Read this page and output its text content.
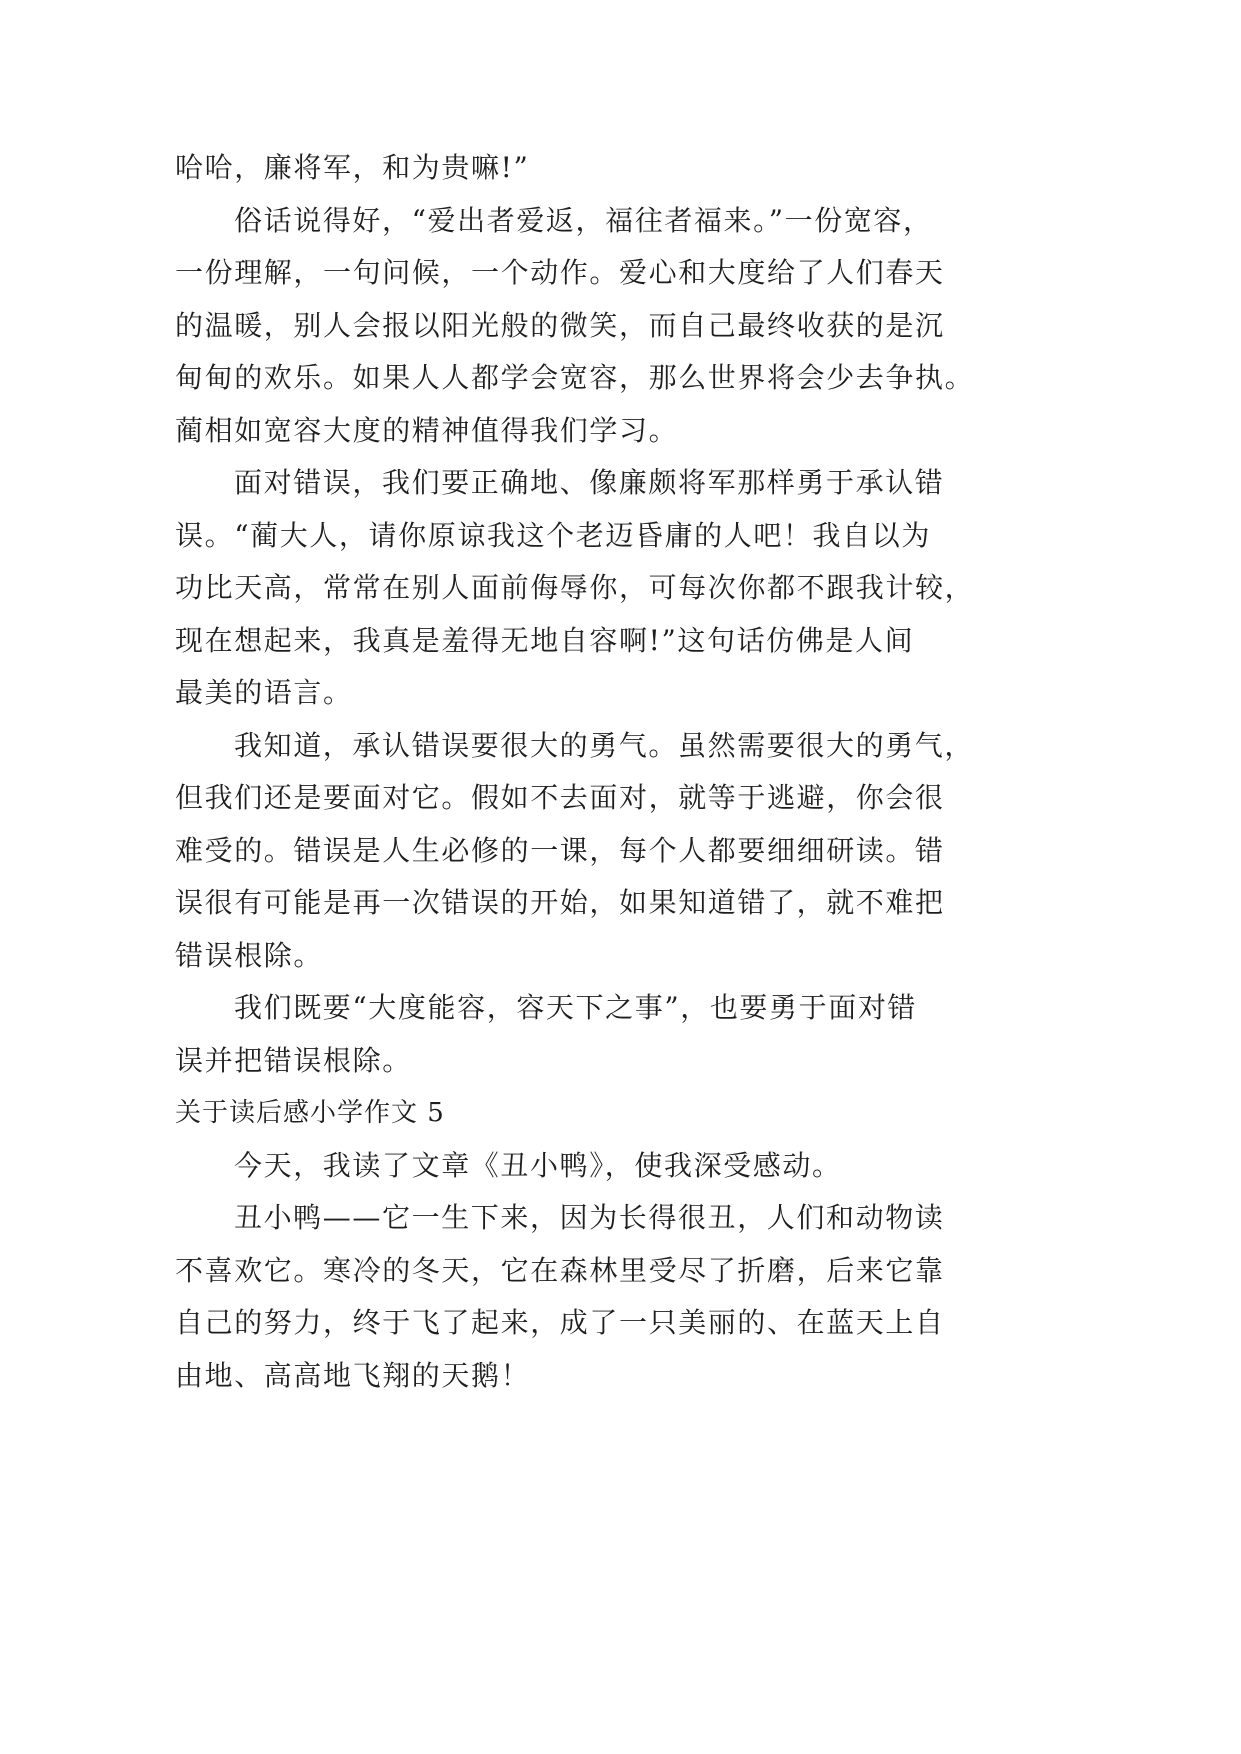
哈哈，廉将军，和为贵嘛!”
俗话说得好，“爱出者爱返，福往者福来。”一份宽容，
一份理解，一句问候，一个动作。爱心和大度给了人们春天
的温暖，别人会报以阳光般的微笑，而自己最终收获的是沉
甸甸的欢乐。如果人人都学会宽容，那么世界将会少去争执。
蔺相如宽容大度的精神值得我们学习。
面对错误，我们要正确地、像廉颇将军那样勇于承认错
误。“蔺大人，请你原谅我这个老迈昏庸的人吧！我自以为
功比天高，常常在别人面前侮辱你，可每次你都不跟我计较，
现在想起来，我真是羞得无地自容啊!”这句话仿佛是人间
最美的语言。
我知道，承认错误要很大的勇气。虽然需要很大的勇气，
但我们还是要面对它。假如不去面对，就等于逃避，你会很
难受的。错误是人生必修的一课，每个人都要细细研读。错
误很有可能是再一次错误的开始，如果知道错了，就不难把
错误根除。
我们既要“大度能容，容天下之事”，也要勇于面对错
误并把错误根除。
关于读后感小学作文 5
今天，我读了文章《丑小鸭》，使我深受感动。
丑小鸭——它一生下来，因为长得很丑，人们和动物读
不喜欢它。寒冷的冬天，它在森林里受尽了折磨，后来它靠
自己的努力，终于飞了起来，成了一只美丽的、在蓝天上自
由地、高高地飞翔的天鹅！
